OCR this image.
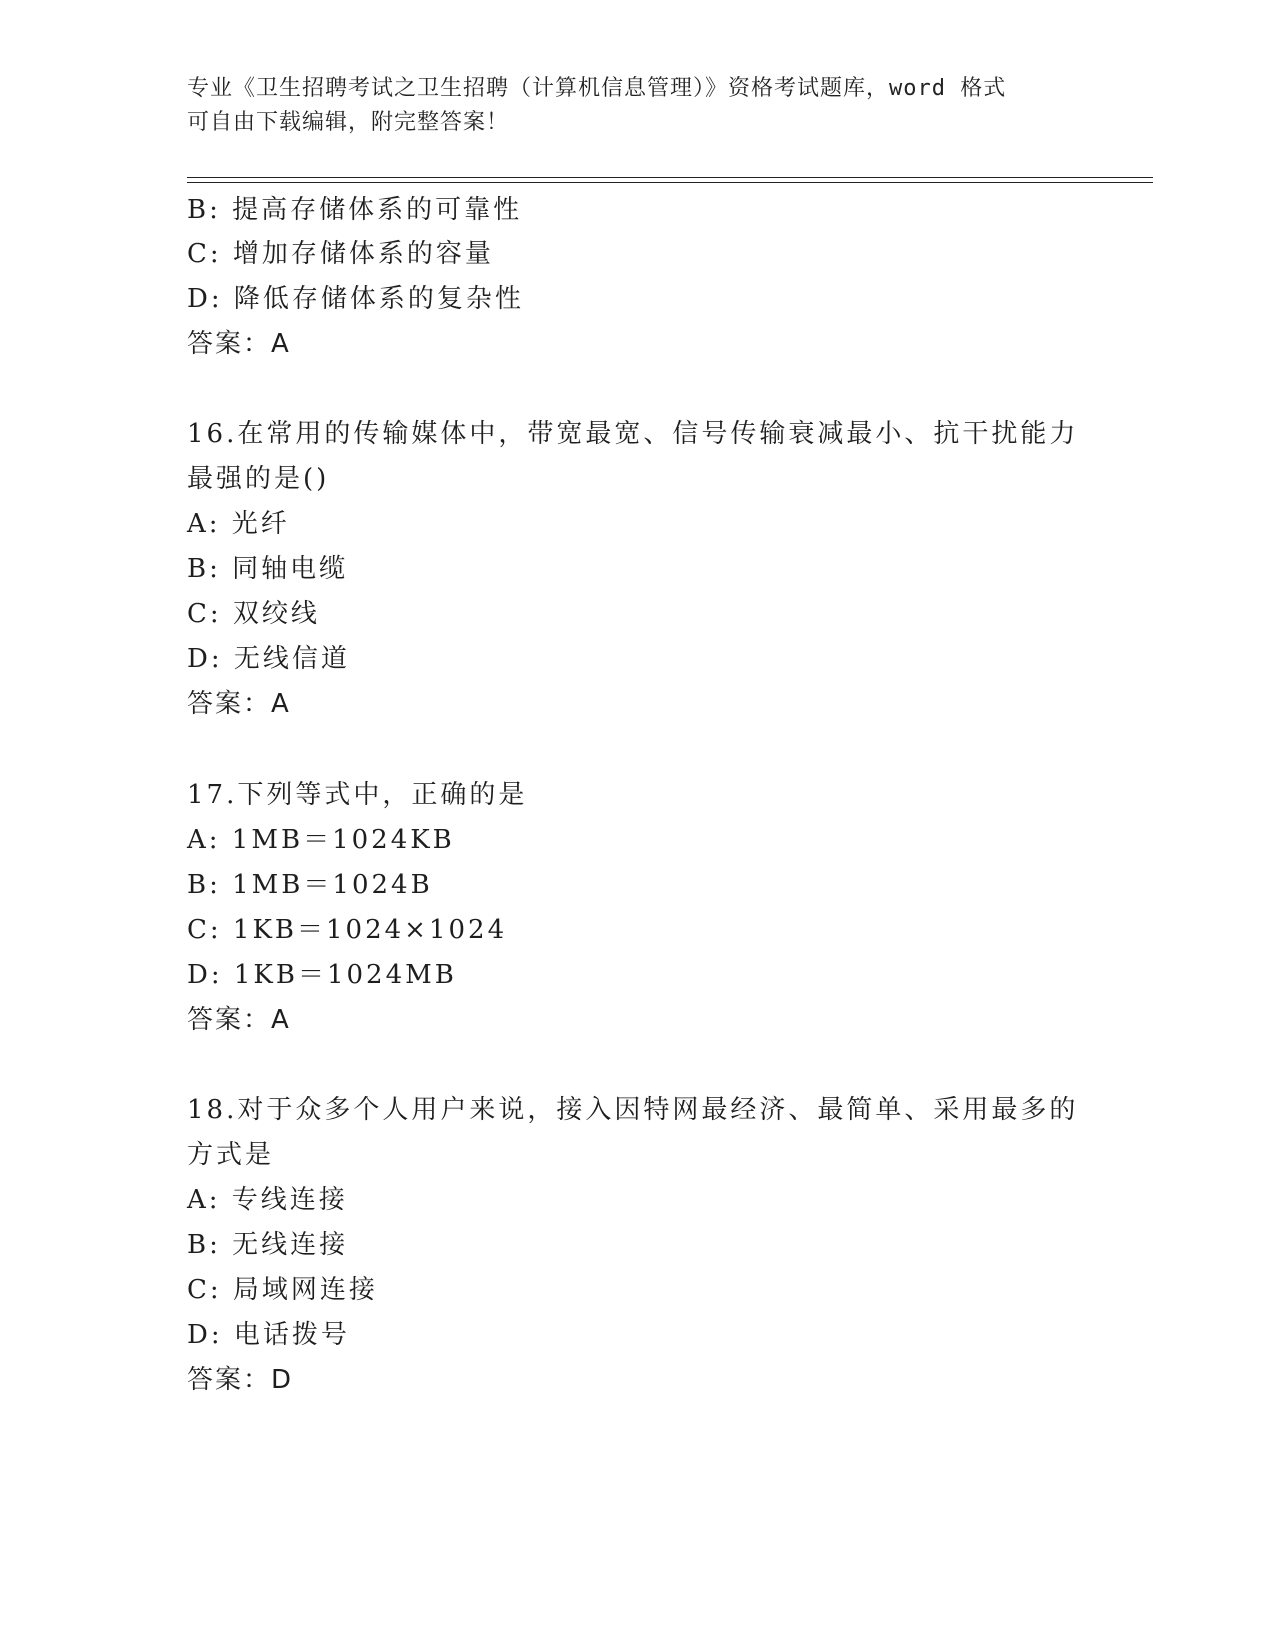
专业《卫生招聘考试之卫生招聘（计算机信息管理）》资格考试题库，word 格式
可自由下载编辑，附完整答案！
B: 提高存储体系的可靠性
C: 增加存储体系的容量
D: 降低存储体系的复杂性
答案：A
16.在常用的传输媒体中，带宽最宽、信号传输衰减最小、抗干扰能力
最强的是()
A: 光纤
B: 同轴电缆
C: 双绞线
D: 无线信道
答案：A
17.下列等式中，正确的是
A: 1MB＝1024KB
B: 1MB＝1024B
C: 1KB＝1024×1024
D: 1KB＝1024MB
答案：A
18.对于众多个人用户来说，接入因特网最经济、最简单、采用最多的
方式是
A: 专线连接
B: 无线连接
C: 局域网连接
D: 电话拨号
答案：D
